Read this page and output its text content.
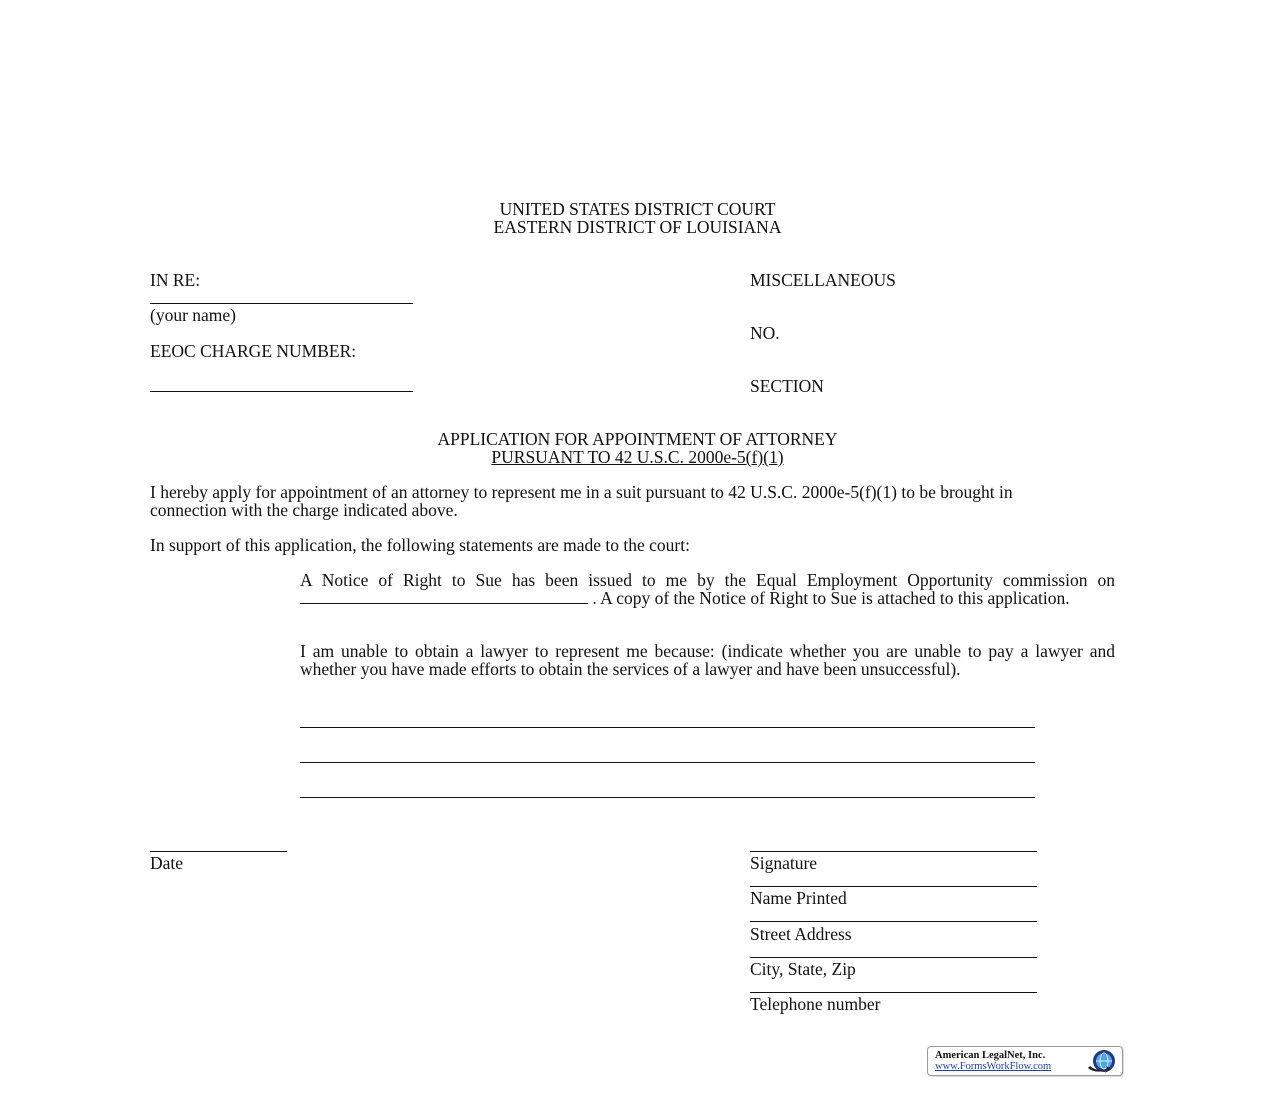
UNITED STATES DISTRICT COURT
EASTERN DISTRICT OF LOUISIANA
IN RE:
(your name)
EEOC CHARGE NUMBER:
MISCELLANEOUS
NO.
SECTION
APPLICATION FOR APPOINTMENT OF ATTORNEY
PURSUANT TO 42 U.S.C. 2000e-5(f)(1)
I hereby apply for appointment of an attorney to represent me in a suit pursuant to 42 U.S.C. 2000e-5(f)(1) to be brought in connection with the charge indicated above.
In support of this application, the following statements are made to the court:
A Notice of Right to Sue has been issued to me by the Equal Employment Opportunity commission on  . A copy of the Notice of Right to Sue is attached to this application.
I am unable to obtain a lawyer to represent me because: (indicate whether you are unable to pay a lawyer and whether you have made efforts to obtain the services of a lawyer and have been unsuccessful).
Date	Signature
Name Printed
Street Address
City, State, Zip
Telephone number
American LegalNet, Inc.
www.FormsWorkFlow.com
